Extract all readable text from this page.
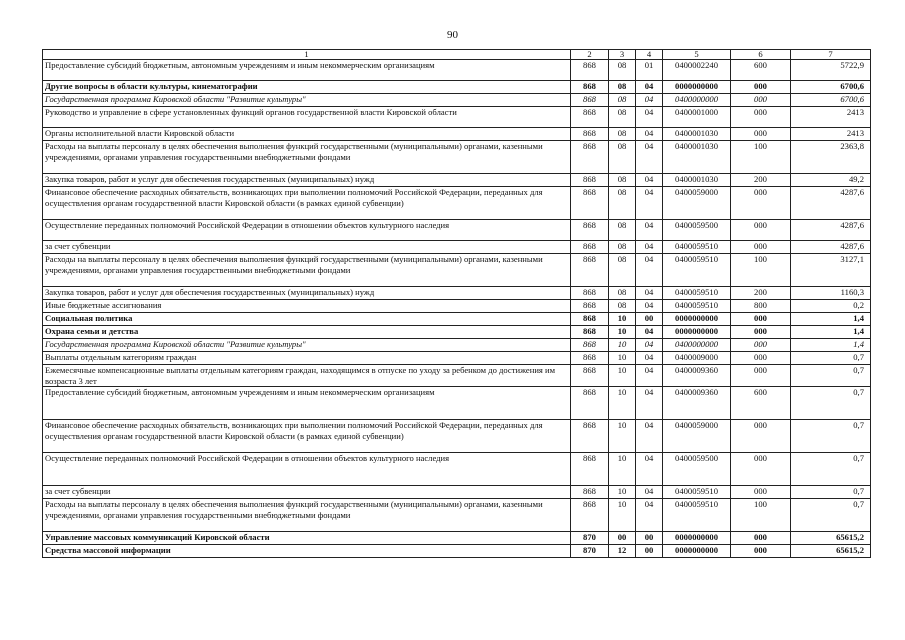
90
1	2	3	4	5	6	7
Предоставление субсидий бюджетным, автономным учреждениям и иным некоммерческим организациям	868	08	01	0400002240	600	5722,9
Другие вопросы в области культуры, кинематографии	868	08	04	0000000000	000	6700,6
Государственная программа Кировской области "Развитие культуры"	868	08	04	0400000000	000	6700,6
Руководство и управление в сфере установленных функций органов государственной власти Кировской области	868	08	04	0400001000	000	2413
Органы исполнительной власти Кировской области	868	08	04	0400001030	000	2413
Расходы на выплаты персоналу в целях обеспечения выполнения функций государственными (муниципальными) органами, казенными учреждениями, органами управления государственными внебюджетными фондами	868	08	04	0400001030	100	2363,8
Закупка товаров, работ и услуг для обеспечения государственных (муниципальных) нужд	868	08	04	0400001030	200	49,2
Финансовое обеспечение расходных обязательств, возникающих при выполнении полномочий Российской Федерации, переданных для осуществления органам государственной власти Кировской области (в рамках единой субвенции)	868	08	04	0400059000	000	4287,6
Осуществление переданных полномочий Российской Федерации в отношении объектов культурного наследия	868	08	04	0400059500	000	4287,6
за счет субвенции	868	08	04	0400059510	000	4287,6
Расходы на выплаты персоналу в целях обеспечения выполнения функций государственными (муниципальными) органами, казенными учреждениями, органами управления государственными внебюджетными фондами	868	08	04	0400059510	100	3127,1
Закупка товаров, работ и услуг для обеспечения государственных (муниципальных) нужд	868	08	04	0400059510	200	1160,3
Иные бюджетные ассигнования	868	08	04	0400059510	800	0,2
Социальная политика	868	10	00	0000000000	000	1,4
Охрана семьи и детства	868	10	04	0000000000	000	1,4
Государственная программа Кировской области "Развитие культуры"	868	10	04	0400000000	000	1,4
Выплаты отдельным категориям граждан	868	10	04	0400009000	000	0,7
Ежемесячные компенсационные выплаты отдельным категориям граждан, находящимся в отпуске по уходу за ребенком до достижения им возраста 3 лет	868	10	04	0400009360	000	0,7
Предоставление субсидий бюджетным, автономным учреждениям и иным некоммерческим организациям	868	10	04	0400009360	600	0,7
Финансовое обеспечение расходных обязательств, возникающих при выполнении полномочий Российской Федерации, переданных для осуществления органам государственной власти Кировской области (в рамках единой субвенции)	868	10	04	0400059000	000	0,7
Осуществление переданных полномочий Российской Федерации в отношении объектов культурного наследия	868	10	04	0400059500	000	0,7
за счет субвенции	868	10	04	0400059510	000	0,7
Расходы на выплаты персоналу в целях обеспечения выполнения функций государственными (муниципальными) органами, казенными учреждениями, органами управления государственными внебюджетными фондами	868	10	04	0400059510	100	0,7
Управление массовых коммуникаций Кировской области	870	00	00	0000000000	000	65615,2
Средства массовой информации	870	12	00	0000000000	000	65615,2
